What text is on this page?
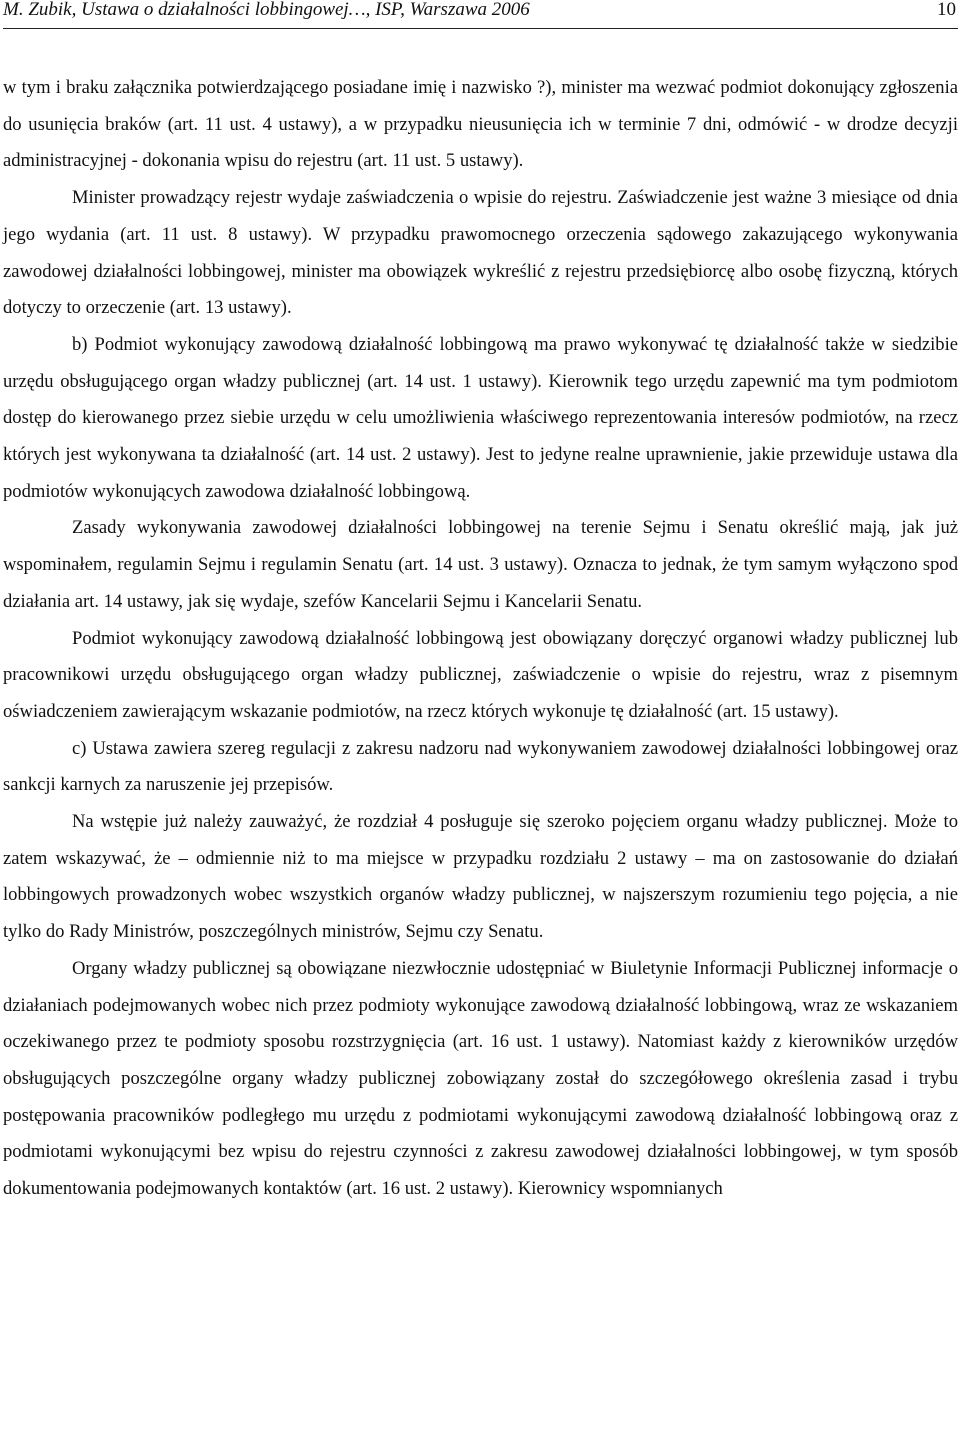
M. Zubik, Ustawa o działalności lobbingowej…, ISP, Warszawa 2006	10

w tym i braku załącznika potwierdzającego posiadane imię i nazwisko ?), minister ma wezwać podmiot dokonujący zgłoszenia do usunięcia braków (art. 11 ust. 4 ustawy), a w przypadku nieusunięcia ich w terminie 7 dni, odmówić - w drodze decyzji administracyjnej - dokonania wpisu do rejestru (art. 11 ust. 5 ustawy).

Minister prowadzący rejestr wydaje zaświadczenia o wpisie do rejestru. Zaświadczenie jest ważne 3 miesiące od dnia jego wydania (art. 11 ust. 8 ustawy). W przypadku prawomocnego orzeczenia sądowego zakazującego wykonywania zawodowej działalności lobbingowej, minister ma obowiązek wykreślić z rejestru przedsiębiorcę albo osobę fizyczną, których dotyczy to orzeczenie (art. 13 ustawy).

b) Podmiot wykonujący zawodową działalność lobbingową ma prawo wykonywać tę działalność także w siedzibie urzędu obsługującego organ władzy publicznej (art. 14 ust. 1 ustawy). Kierownik tego urzędu zapewnić ma tym podmiotom dostęp do kierowanego przez siebie urzędu w celu umożliwienia właściwego reprezentowania interesów podmiotów, na rzecz których jest wykonywana ta działalność (art. 14 ust. 2 ustawy). Jest to jedyne realne uprawnienie, jakie przewiduje ustawa dla podmiotów wykonujących zawodowa działalność lobbingową.

Zasady wykonywania zawodowej działalności lobbingowej na terenie Sejmu i Senatu określić mają, jak już wspominałem, regulamin Sejmu i regulamin Senatu (art. 14 ust. 3 ustawy). Oznacza to jednak, że tym samym wyłączono spod działania art. 14 ustawy, jak się wydaje, szefów Kancelarii Sejmu i Kancelarii Senatu.

Podmiot wykonujący zawodową działalność lobbingową jest obowiązany doręczyć organowi władzy publicznej lub pracownikowi urzędu obsługującego organ władzy publicznej, zaświadczenie o wpisie do rejestru, wraz z pisemnym oświadczeniem zawierającym wskazanie podmiotów, na rzecz których wykonuje tę działalność (art. 15 ustawy).

c) Ustawa zawiera szereg regulacji z zakresu nadzoru nad wykonywaniem zawodowej działalności lobbingowej oraz sankcji karnych za naruszenie jej przepisów.

Na wstępie już należy zauważyć, że rozdział 4 posługuje się szeroko pojęciem organu władzy publicznej. Może to zatem wskazywać, że – odmiennie niż to ma miejsce w przypadku rozdziału 2 ustawy – ma on zastosowanie do działań lobbingowych prowadzonych wobec wszystkich organów władzy publicznej, w najszerszym rozumieniu tego pojęcia, a nie tylko do Rady Ministrów, poszczególnych ministrów, Sejmu czy Senatu.

Organy władzy publicznej są obowiązane niezwłocznie udostępniać w Biuletynie Informacji Publicznej informacje o działaniach podejmowanych wobec nich przez podmioty wykonujące zawodową działalność lobbingową, wraz ze wskazaniem oczekiwanego przez te podmioty sposobu rozstrzygnięcia (art. 16 ust. 1 ustawy). Natomiast każdy z kierowników urzędów obsługujących poszczególne organy władzy publicznej zobowiązany został do szczegółowego określenia zasad i trybu postępowania pracowników podległego mu urzędu z podmiotami wykonującymi zawodową działalność lobbingową oraz z podmiotami wykonującymi bez wpisu do rejestru czynności z zakresu zawodowej działalności lobbingowej, w tym sposób dokumentowania podejmowanych kontaktów (art. 16 ust. 2 ustawy). Kierownicy wspomnianych
